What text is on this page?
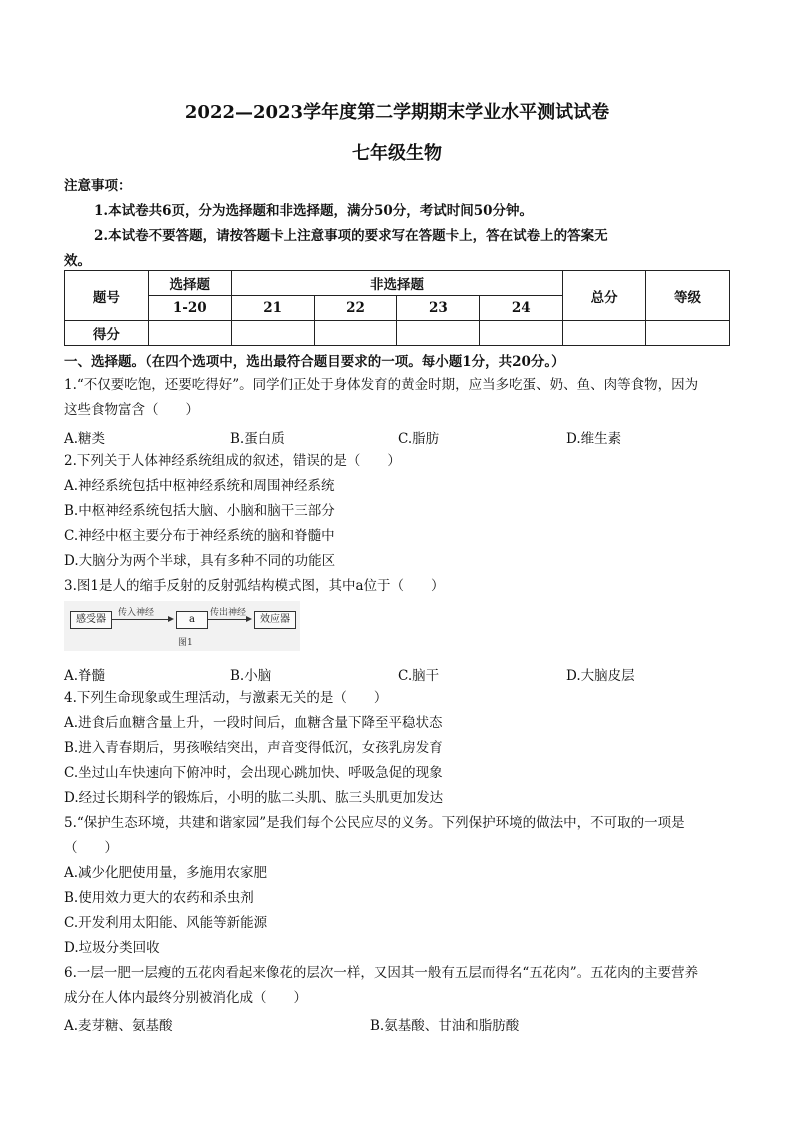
2022—2023学年度第二学期期末学业水平测试试卷
七年级生物
注意事项：
1.本试卷共6页，分为选择题和非选择题，满分50分，考试时间50分钟。
2.本试卷不要答题，请按答题卡上注意事项的要求写在答题卡上，答在试卷上的答案无
效。
题号	选择题	非选择题				总分	等级
	1-20	21	22	23	24		
得分							
一、选择题。（在四个选项中，选出最符合题目要求的一项。每小题1分，共20分。）
1.“不仅要吃饱，还要吃得好”。同学们正处于身体发育的黄金时期，应当多吃蛋、奶、鱼、肉等食物，因为
这些食物富含（　　）
A.糖类	B.蛋白质	C.脂肪	D.维生素
2.下列关于人体神经系统组成的叙述，错误的是（　　）
A.神经系统包括中枢神经系统和周围神经系统
B.中枢神经系统包括大脑、小脑和脑干三部分
C.神经中枢主要分布于神经系统的脑和脊髓中
D.大脑分为两个半球，具有多种不同的功能区
3.图1是人的缩手反射的反射弧结构模式图，其中a位于（　　）
感受器
传入神经
a
传出神经
效应器
图1
A.脊髓	B.小脑	C.脑干	D.大脑皮层
4.下列生命现象或生理活动，与激素无关的是（　　）
A.进食后血糖含量上升，一段时间后，血糖含量下降至平稳状态
B.进入青春期后，男孩喉结突出，声音变得低沉，女孩乳房发育
C.坐过山车快速向下俯冲时，会出现心跳加快、呼吸急促的现象
D.经过长期科学的锻炼后，小明的肱二头肌、肱三头肌更加发达
5.“保护生态环境，共建和谐家园”是我们每个公民应尽的义务。下列保护环境的做法中，不可取的一项是
（　　）
A.减少化肥使用量，多施用农家肥
B.使用效力更大的农药和杀虫剂
C.开发利用太阳能、风能等新能源
D.垃圾分类回收
6.一层一肥一层瘦的五花肉看起来像花的层次一样，又因其一般有五层而得名“五花肉”。五花肉的主要营养
成分在人体内最终分别被消化成（　　）
A.麦芽糖、氨基酸	B.氨基酸、甘油和脂肪酸
